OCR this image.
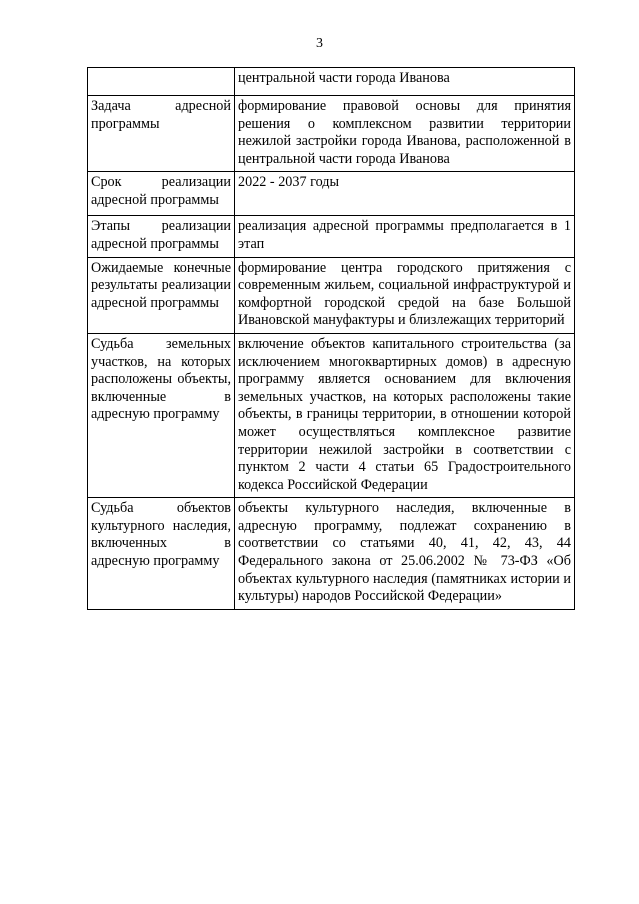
3
	центральной части города Иванова
Задача адресной программы	формирование правовой основы для принятия решения о комплексном развитии территории нежилой застройки города Иванова, расположенной в центральной части города Иванова
Срок реализации адресной программы	2022 - 2037 годы
Этапы реализации адресной программы	реализация адресной программы предполагается в 1 этап
Ожидаемые конечные результаты реализации адресной программы	формирование центра городского притяжения с современным жильем, социальной инфраструктурой и комфортной городской средой на базе Большой Ивановской мануфактуры и близлежащих территорий
Судьба земельных участков, на которых расположены объекты, включенные в адресную программу	включение объектов капитального строительства (за исключением многоквартирных домов) в адресную программу является основанием для включения земельных участков, на которых расположены такие объекты, в границы территории, в отношении которой может осуществляться комплексное развитие территории нежилой застройки в соответствии с пунктом 2 части 4 статьи 65 Градостроительного кодекса Российской Федерации
Судьба объектов культурного наследия, включенных в адресную программу	объекты культурного наследия, включенные в адресную программу, подлежат сохранению в соответствии со статьями 40, 41, 42, 43, 44 Федерального закона от 25.06.2002 № 73-ФЗ «Об объектах культурного наследия (памятниках истории и культуры) народов Российской Федерации»
